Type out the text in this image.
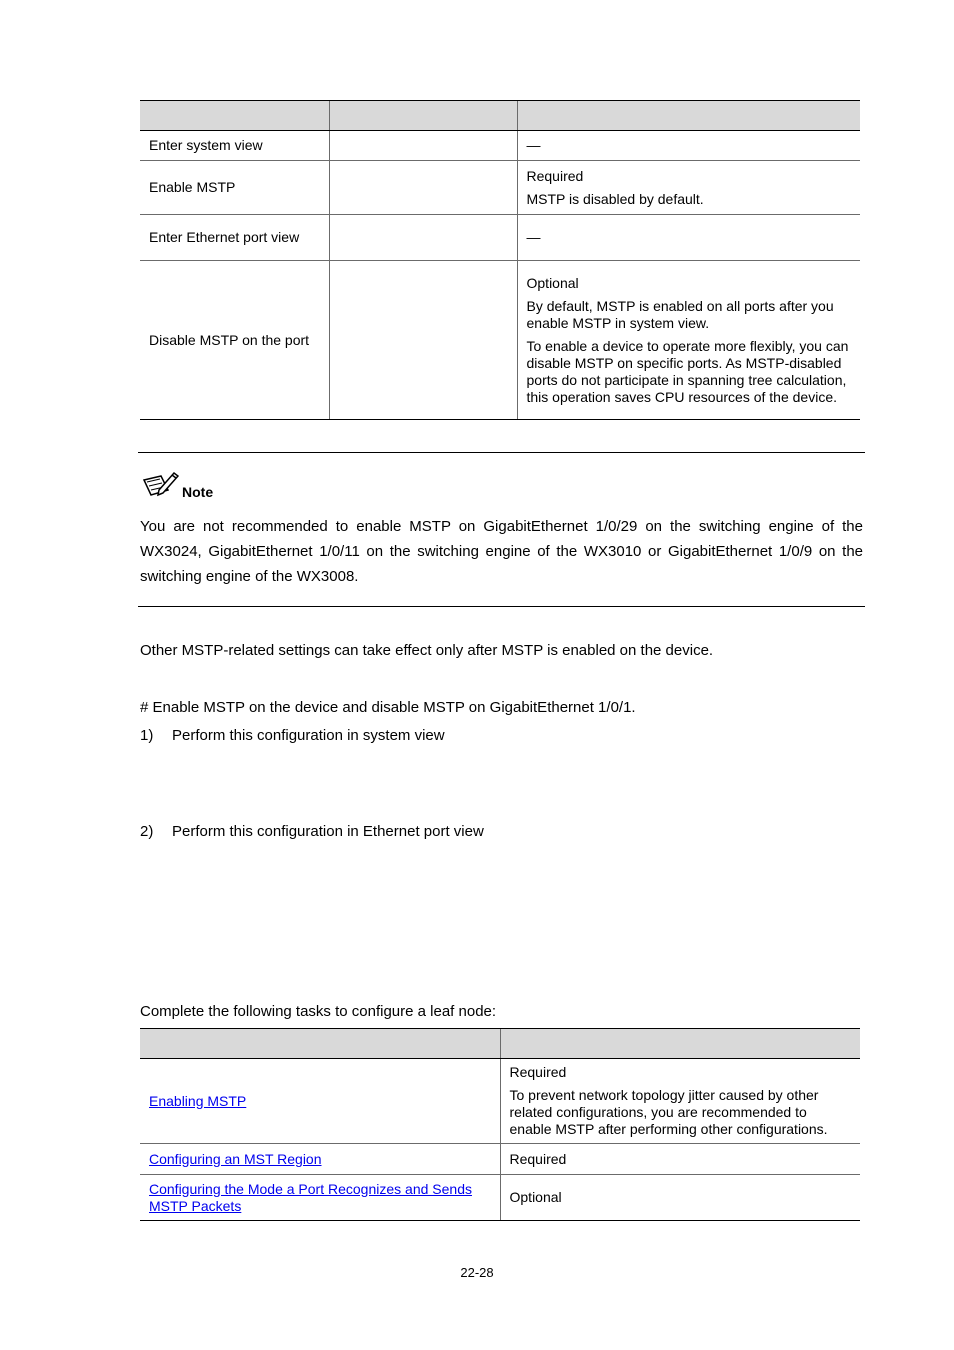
Enter system view		—

Enable MSTP		Required

MSTP is disabled by default.

Enter Ethernet port view		—

Disable MSTP on the port		Optional

By default, MSTP is enabled on all ports after you enable MSTP in system view.

To enable a device to operate more flexibly, you can disable MSTP on specific ports. As MSTP-disabled ports do not participate in spanning tree calculation, this operation saves CPU resources of the device.

Note
You are not recommended to enable MSTP on GigabitEthernet 1/0/29 on the switching engine of the WX3024, GigabitEthernet 1/0/11 on the switching engine of the WX3010 or GigabitEthernet 1/0/9 on the switching engine of the WX3008.
Other MSTP-related settings can take effect only after MSTP is enabled on the device.
# Enable MSTP on the device and disable MSTP on GigabitEthernet 1/0/1.
1) Perform this configuration in system view
2) Perform this configuration in Ethernet port view
Complete the following tasks to configure a leaf node:

Enabling MSTP	Required

To prevent network topology jitter caused by other related configurations, you are recommended to enable MSTP after performing other configurations.

Configuring an MST Region	Required

Configuring the Mode a Port Recognizes and Sends MSTP Packets	Optional

22-28
